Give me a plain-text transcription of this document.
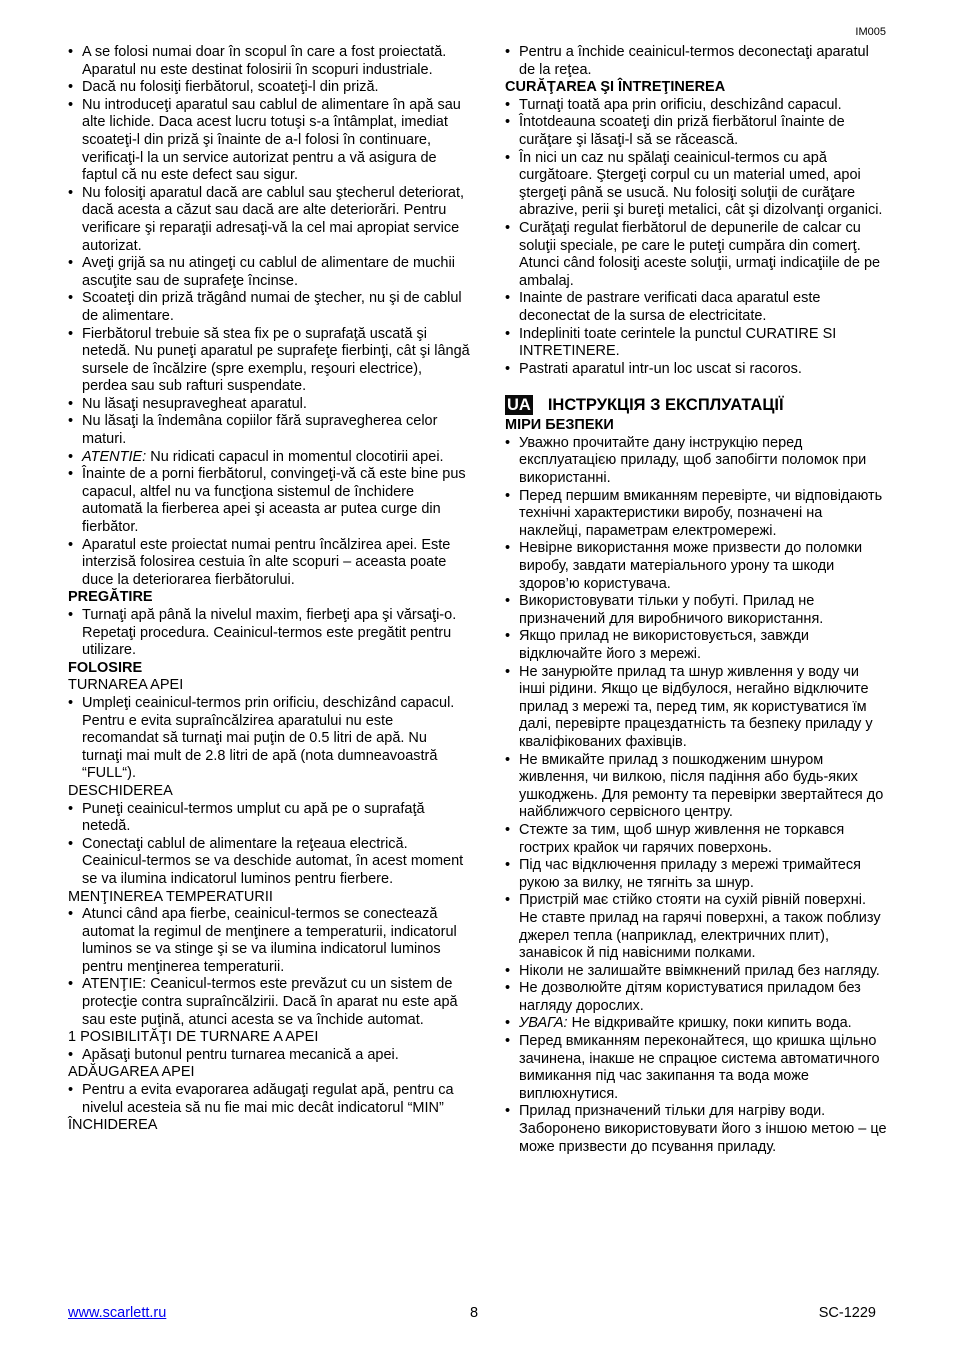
IM005
• A se folosi numai doar în scopul în care a fost proiectată. Aparatul nu este destinat folosirii în scopuri industriale.
• Dacă nu folosiţi fierbătorul, scoateţi-l din priză.
• Nu introduceţi aparatul sau cablul de alimentare în apă sau alte lichide. Daca acest lucru totuşi s-a întâmplat, imediat scoateţi-l din priză şi înainte de a-l folosi în continuare, verificaţi-l la un service autorizat pentru a vă asigura de faptul că nu este defect sau sigur.
• Nu folosiţi aparatul dacă are cablul sau ştecherul deteriorat, dacă acesta a căzut sau dacă are alte deteriorări. Pentru verificare şi reparaţii adresaţi-vă la cel mai apropiat service autorizat.
• Aveţi grijă sa nu atingeţi cu cablul de alimentare de muchii ascuţite sau de suprafeţe încinse.
• Scoateţi din priză trăgând numai de ştecher, nu şi de cablul de alimentare.
• Fierbătorul trebuie să stea fix pe o suprafaţă uscată şi netedă. Nu puneţi aparatul pe suprafeţe fierbinţi, cât şi lângă sursele de încălzire (spre exemplu, reşouri electrice), perdea sau sub rafturi suspendate.
• Nu lăsaţi nesupravegheat aparatul.
• Nu lăsaţi la îndemâna copiilor fără supravegherea celor maturi.
• ATENTIE: Nu ridicati capacul in momentul clocotirii apei.
• Înainte de a porni fierbătorul, convingeţi-vă că este bine pus capacul, altfel nu va funcţiona sistemul de închidere automată la fierberea apei şi aceasta ar putea curge din fierbător.
• Aparatul este proiectat numai pentru încălzirea apei. Este interzisă folosirea cestuia în alte scopuri – aceasta poate duce la deteriorarea fierbătorului.
PREGĂTIRE
• Turnaţi apă până la nivelul maxim, fierbeţi apa şi vărsaţi-o. Repetaţi procedura. Ceainicul-termos este pregătit pentru utilizare.
FOLOSIRE
TURNAREA APEI
• Umpleţi ceainicul-termos prin orificiu, deschizând capacul. Pentru e evita supraîncălzirea aparatului nu este recomandat să turnaţi mai puţin de 0.5 litri de apă. Nu turnaţi mai mult de 2.8 litri de apă (nota dumneavoastră “FULL“).
DESCHIDEREA
• Puneţi ceainicul-termos umplut cu apă pe o suprafaţă netedă.
• Conectaţi cablul de alimentare la reţeaua electrică. Ceainicul-termos se va deschide automat, în acest moment se va ilumina indicatorul luminos pentru fierbere.
MENŢINEREA TEMPERATURII
• Atunci când apa fierbe, ceainicul-termos se conectează automat la regimul de menţinere a temperaturii, indicatorul luminos se va stinge şi se va ilumina indicatorul luminos pentru menţinerea temperaturii.
• ATENŢIE: Ceanicul-termos este prevăzut cu un sistem de protecţie contra supraîncălzirii. Dacă în aparat nu este apă sau este puţină, atunci acesta se va închide automat.
1 POSIBILITĂŢI DE TURNARE A APEI
• Apăsaţi butonul pentru turnarea mecanică a apei.
ADĂUGAREA APEI
• Pentru a evita evaporarea adăugaţi regulat apă, pentru ca nivelul acesteia să nu fie mai mic decât indicatorul “MIN”
ÎNCHIDEREA
• Pentru a închide ceainicul-termos deconectaţi aparatul de la reţea.
CURĂŢAREA ŞI ÎNTREŢINEREA
• Turnaţi toată apa prin orificiu, deschizând capacul.
• Întotdeauna scoateţi din priză fierbătorul înainte de curăţare şi lăsaţi-l să se răcească.
• În nici un caz nu spălaţi ceainicul-termos cu apă curgătoare. Ştergeţi corpul cu un material umed, apoi ştergeţi până se usucă. Nu folosiţi soluţii de curăţare abrazive, perii şi bureţi metalici, cât şi dizolvanţi organici.
• Curăţaţi regulat fierbătorul de depunerile de calcar cu soluţii speciale, pe care le puteţi cumpăra din comerţ. Atunci când folosiţi aceste soluţii, urmaţi indicaţiile de pe ambalaj.
• Inainte de pastrare verificati daca aparatul este deconectat de la sursa de electricitate.
• Indepliniti toate cerintele la punctul CURATIRE SI INTRETINERE.
• Pastrati aparatul intr-un loc uscat si racoros.
UA ІНСТРУКЦІЯ З ЕКСПЛУАТАЦІЇ
МІРИ БЕЗПЕКИ
• Уважно прочитайте дану інструкцію перед експлуатацією приладу, щоб запобігти поломок при використанні.
• Перед першим вмиканням перевірте, чи відповідають технічні характеристики виробу, позначені на наклейці, параметрам електромережі.
• Невірне використання може призвести до поломки виробу, завдати матеріального урону та шкоди здоров’ю користувача.
• Використовувати тільки у побуті. Прилад не призначений для виробничого використання.
• Якщо прилад не використовується, завжди відключайте його з мережі.
• Не занурюйте прилад та шнур живлення у воду чи інші рідини. Якщо це відбулося, негайно відключите прилад з мережі та, перед тим, як користуватися їм далі, перевірте працездатність та безпеку приладу у кваліфікованих фахівців.
• Не вмикайте прилад з пошкодженим шнуром живлення, чи вилкою, після падіння або будь-яких ушкоджень. Для ремонту та перевірки звертайтеся до найближчого сервісного центру.
• Стежте за тим, щоб шнур живлення не торкався гострих крайок чи гарячих поверхонь.
• Під час відключення приладу з мережі тримайтеся рукою за вилку, не тягніть за шнур.
• Пристрій має стійко стояти на сухій рівній поверхні. Не ставте прилад на гарячі поверхні, а також поблизу джерел тепла (наприклад, електричних плит), занавісок й під навісними полками.
• Ніколи не залишайте ввімкнений прилад без нагляду.
• Не дозволюйте дітям користуватися приладом без нагляду дорослих.
• УВАГА: Не відкривайте кришку, поки кипить вода.
• Перед вмиканням переконайтеся, що кришка щільно зачинена, інакше не спрацюе система автоматичного вимикання під час закипання та вода може виплюхнутися.
• Прилад призначений тільки для нагріву води. Заборонено використовувати його з іншою метою – це може призвести до псування приладу.
www.scarlett.ru	8	SC-1229
